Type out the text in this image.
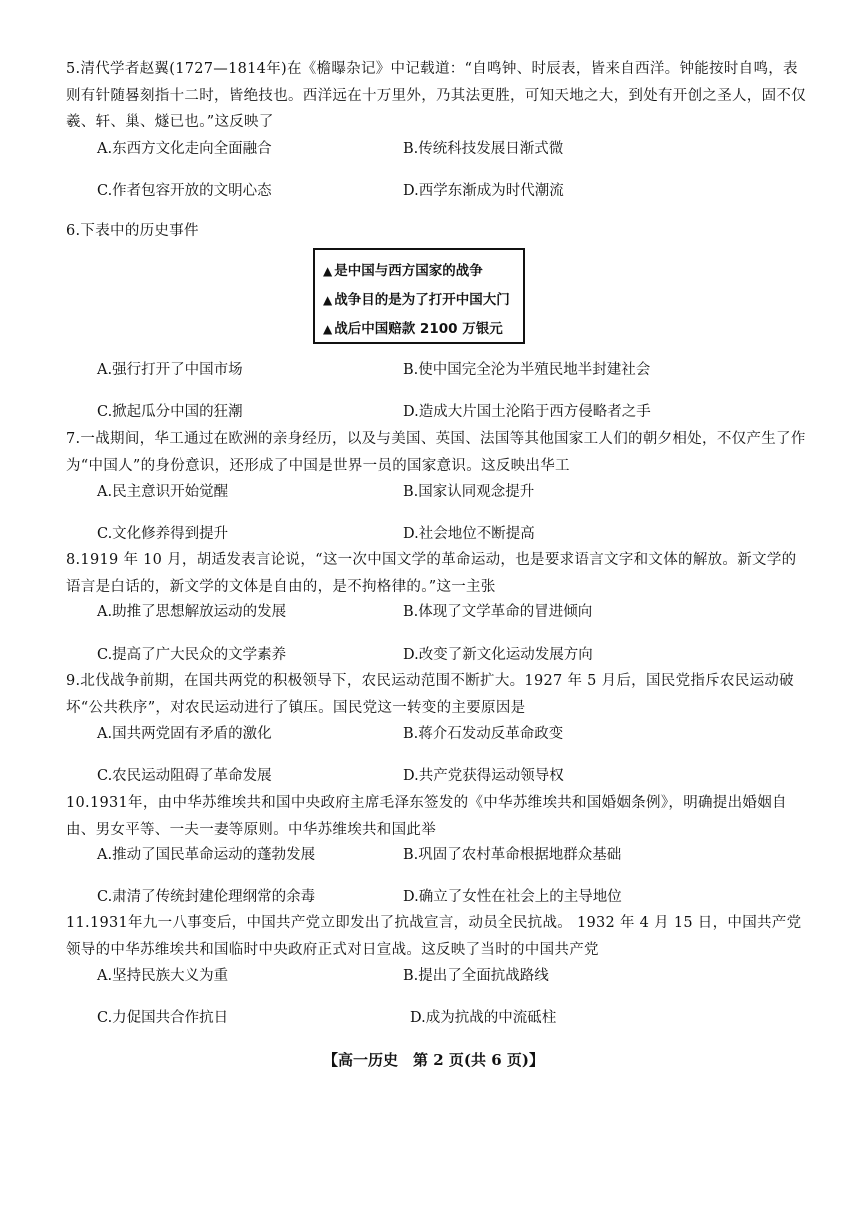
5.清代学者赵翼(1727—1814年)在《檐曝杂记》中记载道：“自鸣钟、时辰表，皆来自西洋。钟能按时自鸣，表则有针随晷刻指十二时，皆绝技也。西洋远在十万里外，乃其法更胜，可知天地之大，到处有开创之圣人，固不仅羲、轩、巢、燧已也。”这反映了

A.东西方文化走向全面融合	B.传统科技发展日渐式微
C.作者包容开放的文明心态	D.西学东渐成为时代潮流

6.下表中的历史事件

▲ 是中国与西方国家的战争
▲ 战争目的是为了打开中国大门
▲ 战后中国赔款 2100 万银元
A.强行打开了中国市场	B.使中国完全沦为半殖民地半封建社会
C.掀起瓜分中国的狂潮	D.造成大片国土沦陷于西方侵略者之手

7.一战期间，华工通过在欧洲的亲身经历，以及与美国、英国、法国等其他国家工人们的朝夕相处，不仅产生了作为“中国人”的身份意识，还形成了中国是世界一员的国家意识。这反映出华工

A.民主意识开始觉醒	B.国家认同观念提升
C.文化修养得到提升	D.社会地位不断提高

8.1919 年 10 月，胡适发表言论说，“这一次中国文学的革命运动，也是要求语言文字和文体的解放。新文学的语言是白话的，新文学的文体是自由的，是不拘格律的。”这一主张

A.助推了思想解放运动的发展	B.体现了文学革命的冒进倾向
C.提高了广大民众的文学素养	D.改变了新文化运动发展方向

9.北伐战争前期，在国共两党的积极领导下，农民运动范围不断扩大。1927 年 5 月后，国民党指斥农民运动破坏“公共秩序”，对农民运动进行了镇压。国民党这一转变的主要原因是

A.国共两党固有矛盾的激化	B.蒋介石发动反革命政变
C.农民运动阻碍了革命发展	D.共产党获得运动领导权

10.1931年，由中华苏维埃共和国中央政府主席毛泽东签发的《中华苏维埃共和国婚姻条例》，明确提出婚姻自由、男女平等、一夫一妻等原则。中华苏维埃共和国此举

A.推动了国民革命运动的蓬勃发展	B.巩固了农村革命根据地群众基础
C.肃清了传统封建伦理纲常的余毒	D.确立了女性在社会上的主导地位

11.1931年九一八事变后，中国共产党立即发出了抗战宣言，动员全民抗战。 1932 年 4 月 15 日，中国共产党领导的中华苏维埃共和国临时中央政府正式对日宣战。这反映了当时的中国共产党

A.坚持民族大义为重	B.提出了全面抗战路线
C.力促国共合作抗日	D.成为抗战的中流砥柱
【高一历史　第 2 页(共 6 页)】
